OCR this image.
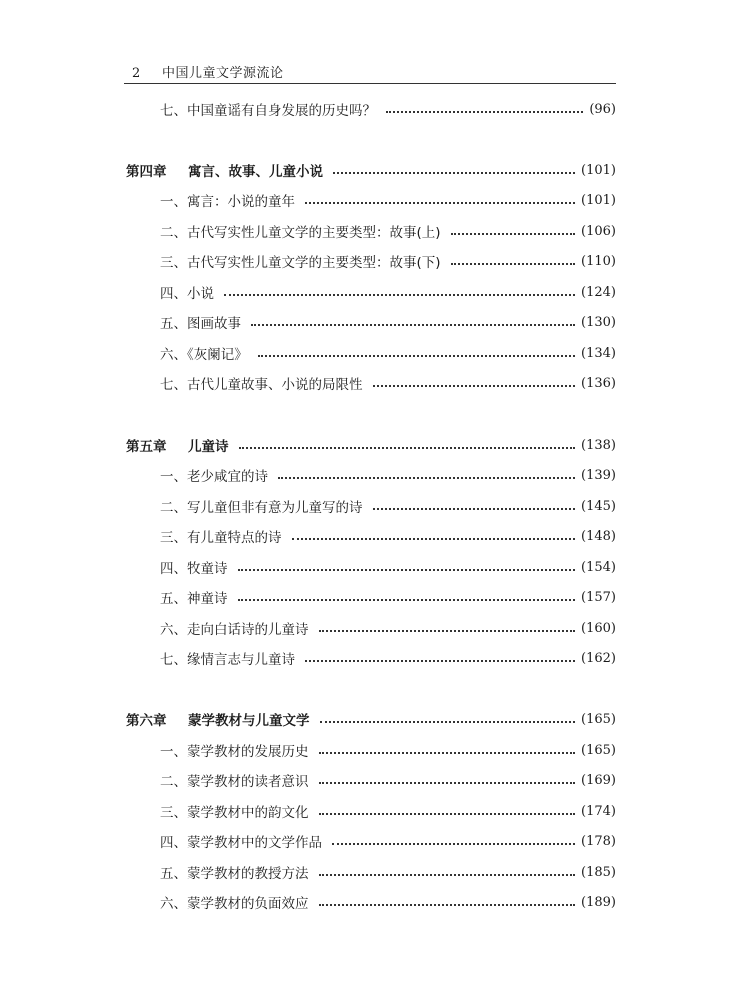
2	中国儿童文学源流论
七、中国童谣有自身发展的历史吗？	(96)
第四章	寓言、故事、儿童小说	(101)
一、寓言：小说的童年	(101)
二、古代写实性儿童文学的主要类型：故事(上)	(106)
三、古代写实性儿童文学的主要类型：故事(下)	(110)
四、小说	(124)
五、图画故事	(130)
六、《灰阑记》	(134)
七、古代儿童故事、小说的局限性	(136)
第五章	儿童诗	(138)
一、老少咸宜的诗	(139)
二、写儿童但非有意为儿童写的诗	(145)
三、有儿童特点的诗	(148)
四、牧童诗	(154)
五、神童诗	(157)
六、走向白话诗的儿童诗	(160)
七、缘情言志与儿童诗	(162)
第六章	蒙学教材与儿童文学	(165)
一、蒙学教材的发展历史	(165)
二、蒙学教材的读者意识	(169)
三、蒙学教材中的韵文化	(174)
四、蒙学教材中的文学作品	(178)
五、蒙学教材的教授方法	(185)
六、蒙学教材的负面效应	(189)
